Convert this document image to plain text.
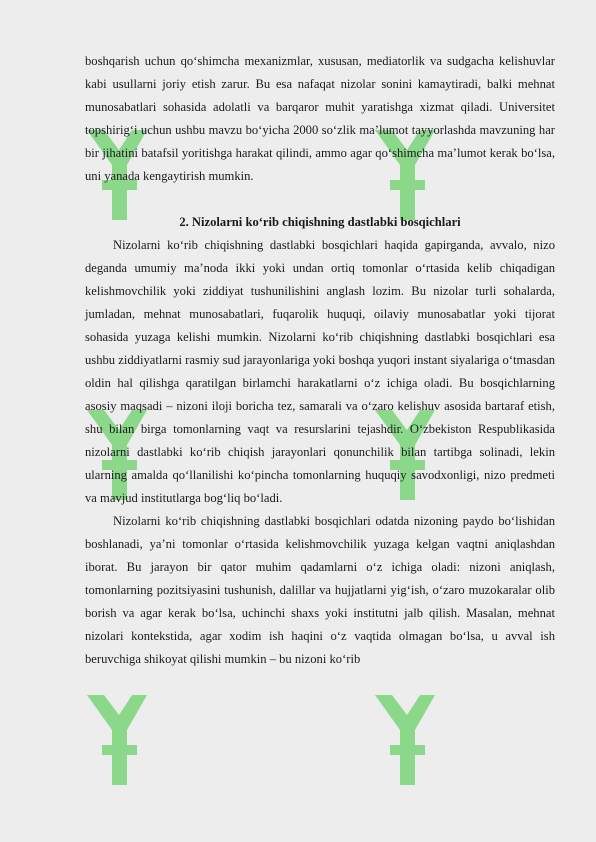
boshqarish uchun qo‘shimcha mexanizmlar, xususan, mediatorlik va sudgacha kelishuvlar kabi usullarni joriy etish zarur. Bu esa nafaqat nizolar sonini kamaytiradi, balki mehnat munosabatlari sohasida adolatli va barqaror muhit yaratishga xizmat qiladi. Universitet topshirig‘i uchun ushbu mavzu bo‘yicha 2000 so‘zlik ma’lumot tayyorlashda mavzuning har bir jihatini batafsil yoritishga harakat qilindi, ammo agar qo‘shimcha ma’lumot kerak bo‘lsa, uni yanada kengaytirish mumkin.

2. Nizolarni ko‘rib chiqishning dastlabki bosqichlari

Nizolarni ko‘rib chiqishning dastlabki bosqichlari haqida gapirganda, avvalo, nizo deganda umumiy ma’noda ikki yoki undan ortiq tomonlar o‘rtasida kelib chiqadigan kelishmovchilik yoki ziddiyat tushunilishini anglash lozim. Bu nizolar turli sohalarda, jumladan, mehnat munosabatlari, fuqarolik huquqi, oilaviy munosabatlar yoki tijorat sohasida yuzaga kelishi mumkin. Nizolarni ko‘rib chiqishning dastlabki bosqichlari esa ushbu ziddiyatlarni rasmiy sud jarayonlariga yoki boshqa yuqori instant siyalariga o‘tmasdan oldin hal qilishga qaratilgan birlamchi harakatlarni o‘z ichiga oladi. Bu bosqichlarning asosiy maqsadi – nizoni iloji boricha tez, samarali va o‘zaro kelishuv asosida bartaraf etish, shu bilan birga tomonlarning vaqt va resurslarini tejashdir. O‘zbekiston Respublikasida nizolarni dastlabki ko‘rib chiqish jarayonlari qonunchilik bilan tartibga solinadi, lekin ularning amalda qo‘llanilishi ko‘pincha tomonlarning huquqiy savodxonligi, nizo predmeti va mavjud institutlarga bog‘liq bo‘ladi.

Nizolarni ko‘rib chiqishning dastlabki bosqichlari odatda nizoning paydo bo‘lishidan boshlanadi, ya’ni tomonlar o‘rtasida kelishmovchilik yuzaga kelgan vaqtni aniqlashdan iborat. Bu jarayon bir qator muhim qadamlarni o‘z ichiga oladi: nizoni aniqlash, tomonlarning pozitsiyasini tushunish, dalillar va hujjatlarni yig‘ish, o‘zaro muzokaralar olib borish va agar kerak bo‘lsa, uchinchi shaxs yoki institutni jalb qilish. Masalan, mehnat nizolari kontekstida, agar xodim ish haqini o‘z vaqtida olmagan bo‘lsa, u avval ish beruvchiga shikoyat qilishi mumkin – bu nizoni ko‘rib
